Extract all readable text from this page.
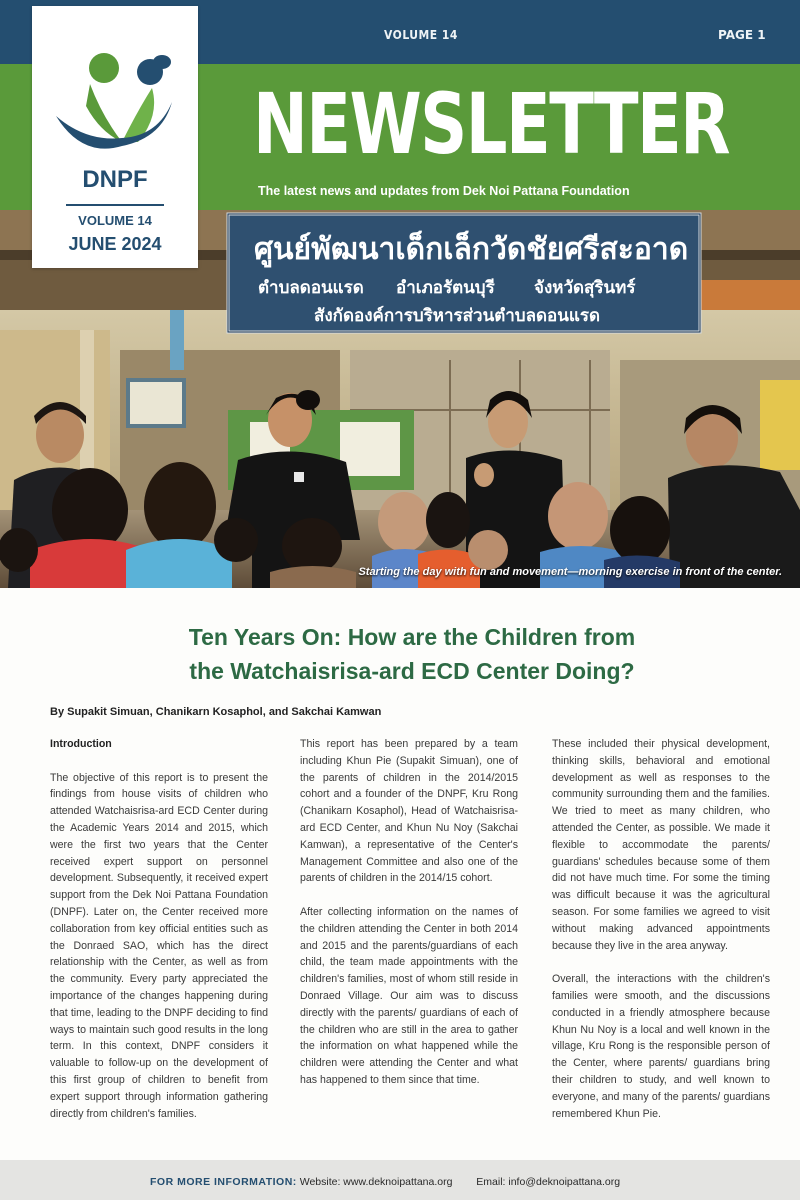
VOLUME 14	PAGE 1
NEWSLETTER
The latest news and updates from Dek Noi Pattana Foundation
ศูนย์พัฒนาเด็กเล็กวัดชัยศรีสะอาด
ตำบลดอนแรด อำเภอรัตนบุรี จังหวัดสุรินทร์
สังกัดองค์การบริหารส่วนตำบลดอนแรด
Starting the day with fun and movement—morning exercise in front of the center.
DNPF
VOLUME 14
JUNE 2024
Ten Years On: How are the Children from
the Watchaisrisa-ard ECD Center Doing?
By Supakit Simuan, Chanikarn Kosaphol, and Sakchai Kamwan
Introduction

The objective of this report is to present the findings from house visits of children who attended Watchaisrisa-ard ECD Center during the Academic Years 2014 and 2015, which were the first two years that the Center received expert support on personnel development. Subsequently, it received expert support from the Dek Noi Pattana Foundation (DNPF). Later on, the Center received more collaboration from key official entities such as the Donraed SAO, which has the direct relationship with the Center, as well as from the community. Every party appreciated the importance of the changes happening during that time, leading to the DNPF deciding to find ways to maintain such good results in the long term. In this context, DNPF considers it valuable to follow-up on the development of this first group of children to benefit from expert support through information gathering directly from children's families.

This report has been prepared by a team including Khun Pie (Supakit Simuan), one of the parents of children in the 2014/2015 cohort and a founder of the DNPF, Kru Rong (Chanikarn Kosaphol), Head of Watchaisrisa-ard ECD Center, and Khun Nu Noy (Sakchai Kamwan), a representative of the Center's Management Committee and also one of the parents of children in the 2014/15 cohort.

After collecting information on the names of the children attending the Center in both 2014 and 2015 and the parents/guardians of each child, the team made appointments with the children's families, most of whom still reside in Donraed Village. Our aim was to discuss directly with the parents/ guardians of each of the children who are still in the area to gather the information on what happened while the children were attending the Center and what has happened to them since that time.

These included their physical development, thinking skills, behavioral and emotional development as well as responses to the community surrounding them and the families. We tried to meet as many children, who attended the Center, as possible. We made it flexible to accommodate the parents/ guardians' schedules because some of them did not have much time. For some the timing was difficult because it was the agricultural season. For some families we agreed to visit without making advanced appointments because they live in the area anyway.

Overall, the interactions with the children's families were smooth, and the discussions conducted in a friendly atmosphere because Khun Nu Noy is a local and well known in the village, Kru Rong is the responsible person of the Center, where parents/ guardians bring their children to study, and well known to everyone, and many of the parents/ guardians remembered Khun Pie.

FOR MORE INFORMATION: Website: www.deknoipattana.org Email: info@deknoipattana.org
